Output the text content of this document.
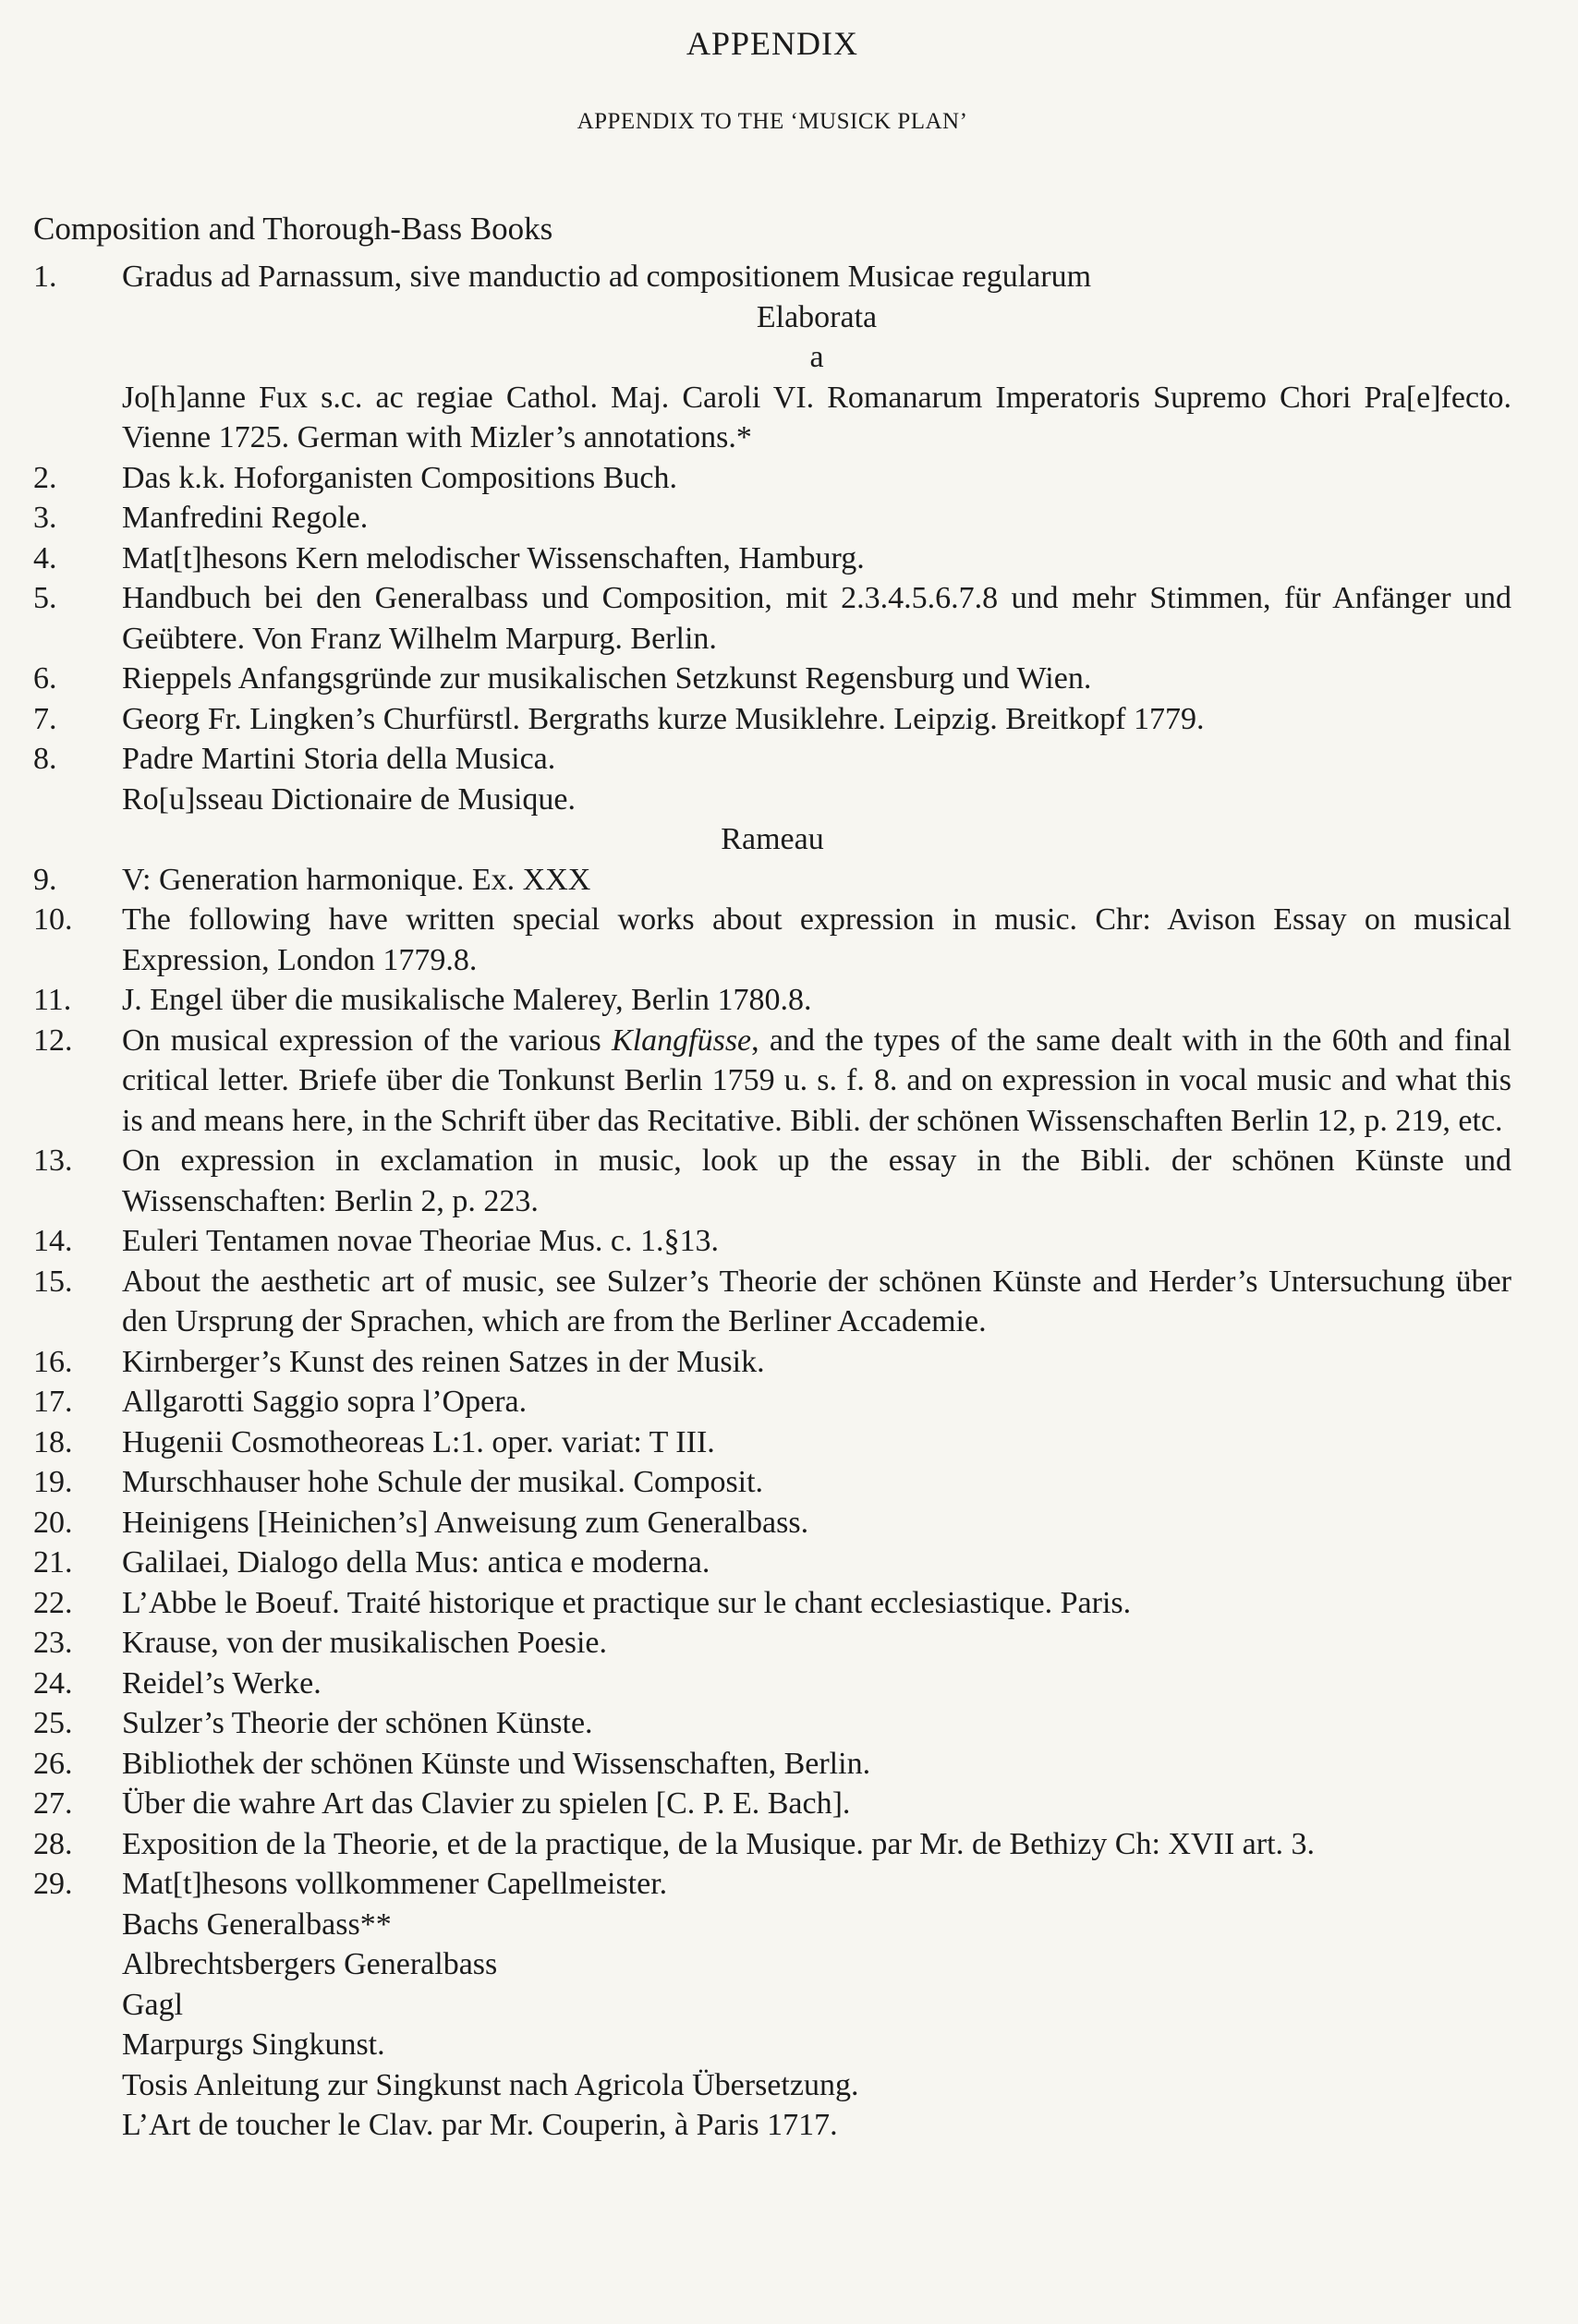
APPENDIX
APPENDIX TO THE ‘MUSICK PLAN’
Composition and Thorough-Bass Books
1.	Gradus ad Parnassum, sive manductio ad compositionem Musicae regularum
Elaborata
a
Jo[h]anne Fux s.c. ac regiae Cathol. Maj. Caroli VI. Romanarum Imperatoris Supremo Chori Pra[e]fecto. Vienne 1725. German with Mizler’s annotations.*
2.	Das k.k. Hoforganisten Compositions Buch.
3.	Manfredini Regole.
4.	Mat[t]hesons Kern melodischer Wissenschaften, Hamburg.
5.	Handbuch bei den Generalbass und Composition, mit 2.3.4.5.6.7.8 und mehr Stimmen, für Anfänger und Geübtere. Von Franz Wilhelm Marpurg. Berlin.
6.	Rieppels Anfangsgründe zur musikalischen Setzkunst Regensburg und Wien.
7.	Georg Fr. Lingken’s Churfürstl. Bergraths kurze Musiklehre. Leipzig. Breitkopf 1779.
8.	Padre Martini Storia della Musica.
Ro[u]sseau Dictionaire de Musique.
Rameau
9.	V: Generation harmonique. Ex. XXX
10.	The following have written special works about expression in music. Chr: Avison Essay on musical Expression, London 1779.8.
11.	J. Engel über die musikalische Malerey, Berlin 1780.8.
12.	On musical expression of the various Klangfüsse, and the types of the same dealt with in the 60th and final critical letter. Briefe über die Tonkunst Berlin 1759 u. s. f. 8. and on expression in vocal music and what this is and means here, in the Schrift über das Recitative. Bibli. der schönen Wissenschaften Berlin 12, p. 219, etc.
13.	On expression in exclamation in music, look up the essay in the Bibli. der schönen Künste und Wissenschaften: Berlin 2, p. 223.
14.	Euleri Tentamen novae Theoriae Mus. c. 1.§13.
15.	About the aesthetic art of music, see Sulzer’s Theorie der schönen Künste and Herder’s Untersuchung über den Ursprung der Sprachen, which are from the Berliner Accademie.
16.	Kirnberger’s Kunst des reinen Satzes in der Musik.
17.	Allgarotti Saggio sopra l’Opera.
18.	Hugenii Cosmotheoreas L:1. oper. variat: T III.
19.	Murschhauser hohe Schule der musikal. Composit.
20.	Heinigens [Heinichen’s] Anweisung zum Generalbass.
21.	Galilaei, Dialogo della Mus: antica e moderna.
22.	L’Abbe le Boeuf. Traité historique et practique sur le chant ecclesiastique. Paris.
23.	Krause, von der musikalischen Poesie.
24.	Reidel’s Werke.
25.	Sulzer’s Theorie der schönen Künste.
26.	Bibliothek der schönen Künste und Wissenschaften, Berlin.
27.	Über die wahre Art das Clavier zu spielen [C. P. E. Bach].
28.	Exposition de la Theorie, et de la practique, de la Musique. par Mr. de Bethizy Ch: XVII art. 3.
29.	Mat[t]hesons vollkommener Capellmeister.
Bachs Generalbass**
Albrechtsbergers Generalbass
Gagl
Marpurgs Singkunst.
Tosis Anleitung zur Singkunst nach Agricola Übersetzung.
L’Art de toucher le Clav. par Mr. Couperin, à Paris 1717.
